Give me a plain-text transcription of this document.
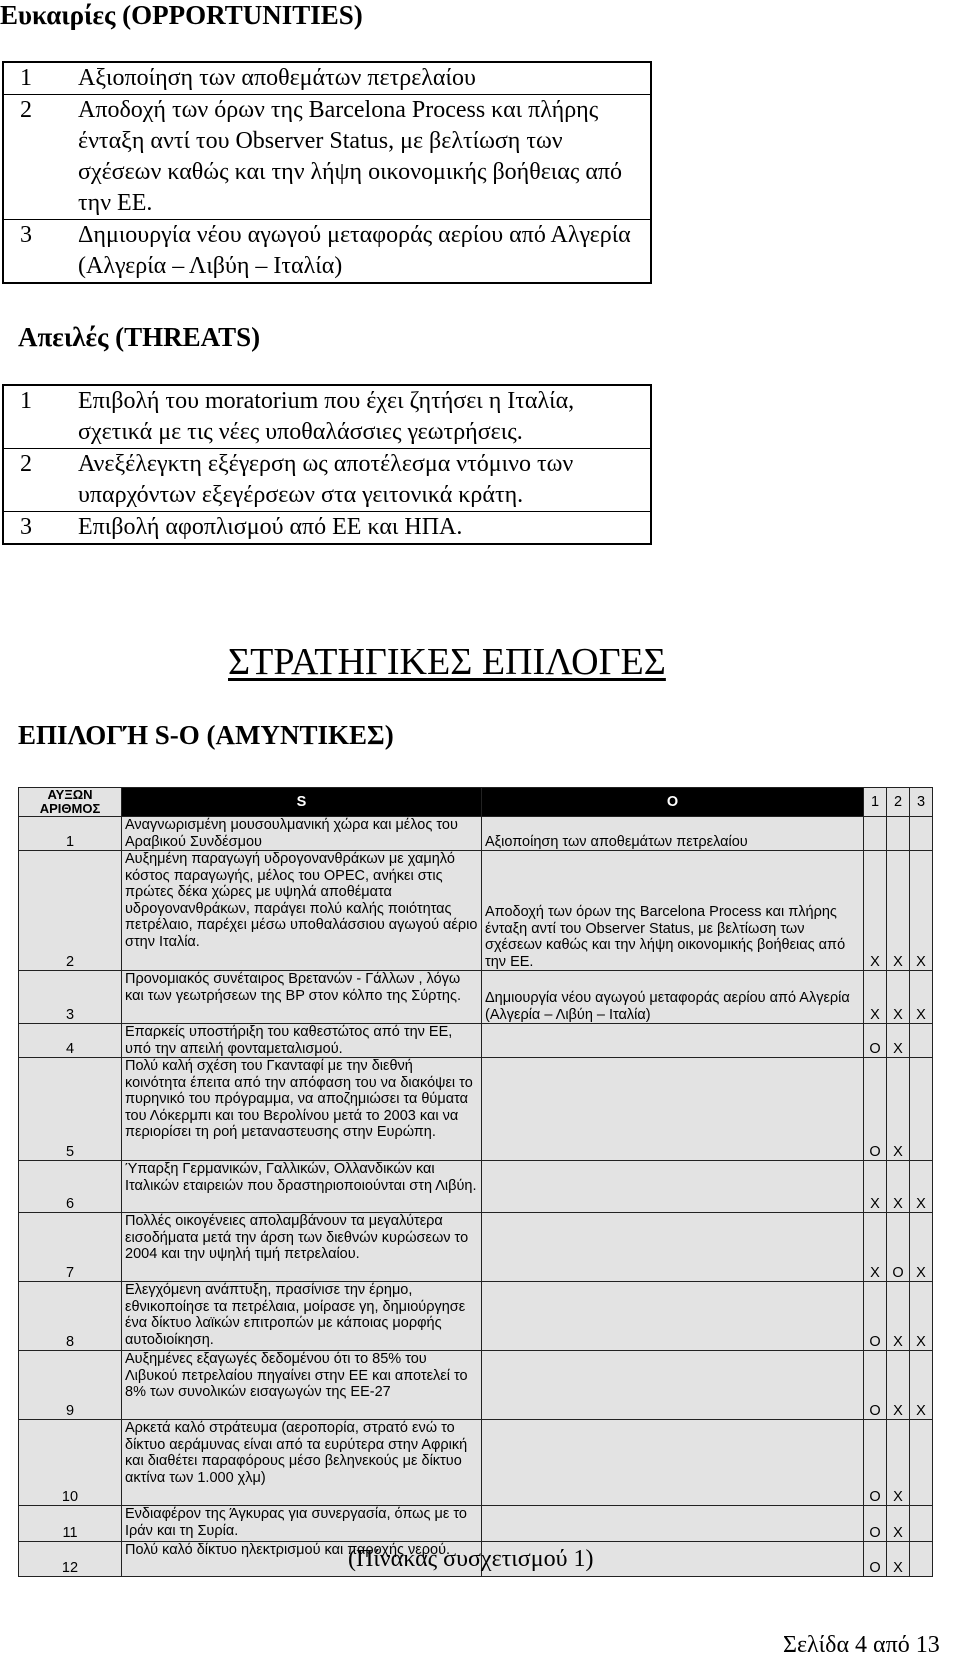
Ευκαιρίες (OPPORTUNITIES)
1	Αξιοποίηση των αποθεμάτων πετρελαίου
2	Αποδοχή των όρων της Barcelona Process και πλήρης ένταξη αντί του Observer Status, με βελτίωση των σχέσεων καθώς και την λήψη οικονομικής βοήθειας από την ΕΕ.
3	Δημιουργία νέου αγωγού μεταφοράς αερίου από Αλγερία (Αλγερία – Λιβύη – Ιταλία)
Απειλές (THREATS)
1	Επιβολή του moratorium που έχει ζητήσει η Ιταλία, σχετικά με τις νέες υποθαλάσσιες γεωτρήσεις.
2	Ανεξέλεγκτη εξέγερση ως αποτέλεσμα ντόμινο των υπαρχόντων εξεγέρσεων στα γειτονικά κράτη.
3	Επιβολή αφοπλισμού από ΕΕ και ΗΠΑ.
ΣΤΡΑΤΗΓΙΚΕΣ ΕΠΙΛΟΓΕΣ
ΕΠΙΛΟΓΉ S-O (ΑΜΥΝΤΙΚΕΣ)
ΑΥΞΩΝ ΑΡΙΘΜΟΣ	S	O	1	2	3
1	Αναγνωρισμένη μουσουλμανική χώρα και μέλος του Αραβικού Συνδέσμου	Αξιοποίηση των αποθεμάτων πετρελαίου			
2	Αυξημένη παραγωγή υδρογονανθράκων με χαμηλό κόστος παραγωγής, μέλος του OPEC, ανήκει στις πρώτες δέκα χώρες με υψηλά αποθέματα υδρογονανθράκων, παράγει πολύ καλής ποιότητας πετρέλαιο, παρέχει μέσω υποθαλάσσιου αγωγού αέριο στην Ιταλία.	Αποδοχή των όρων της Barcelona Process και πλήρης ένταξη αντί του Observer Status, με βελτίωση των σχέσεων καθώς και την λήψη οικονομικής βοήθειας από την ΕΕ.	X	X	X
3	Προνομιακός συνέταιρος Βρετανών - Γάλλων , λόγω και των γεωτρήσεων της BP στον κόλπο της Σύρτης.	Δημιουργία νέου αγωγού μεταφοράς αερίου από Αλγερία (Αλγερία – Λιβύη – Ιταλία)	X	X	X
4	Επαρκείς υποστήριξη του καθεστώτος από την ΕΕ, υπό την απειλή φονταμεταλισμού.		O	X	
5	Πολύ καλή σχέση του Γκανταφί με την διεθνή κοινότητα έπειτα από την απόφαση του να διακόψει το πυρηνικό του πρόγραμμα, να αποζημιώσει τα θύματα του Λόκερμπι και του Βερολίνου μετά το 2003 και να περιορίσει τη ροή μεταναστευσης στην Ευρώπη.		O	X	
6	Ύπαρξη Γερμανικών, Γαλλικών, Ολλανδικών και Ιταλικών εταιρειών που δραστηριοποιούνται στη Λιβύη.		X	X	X
7	Πολλές οικογένειες απολαμβάνουν τα μεγαλύτερα εισοδήματα μετά την άρση των διεθνών κυρώσεων το 2004 και την υψηλή τιμή πετρελαίου.		X	O	X
8	Ελεγχόμενη ανάπτυξη, πρασίνισε την έρημο, εθνικοποίησε τα πετρέλαια, μοίρασε γη, δημιούργησε ένα δίκτυο λαϊκών επιτροπών με κάποιας μορφής αυτοδιοίκηση.		O	X	X
9	Αυξημένες εξαγωγές δεδομένου ότι το 85% του Λιβυκού πετρελαίου πηγαίνει στην ΕΕ και αποτελεί το 8% των συνολικών εισαγωγών της ΕΕ-27		O	X	X
10	Αρκετά καλό στράτευμα (αεροπορία, στρατό ενώ το δίκτυο αεράμυνας είναι από τα ευρύτερα στην Αφρική και διαθέτει παραφόρους μέσο βεληνεκούς με δίκτυο ακτίνα των 1.000 χλμ)		O	X	
11	Ενδιαφέρον της Άγκυρας για συνεργασία, όπως με το Ιράν και τη Συρία.		O	X	
12	Πολύ καλό δίκτυο ηλεκτρισμού και παροχής νερού.		O	X	
(Πίνακας συσχετισμού 1)
Σελίδα 4 από 13
